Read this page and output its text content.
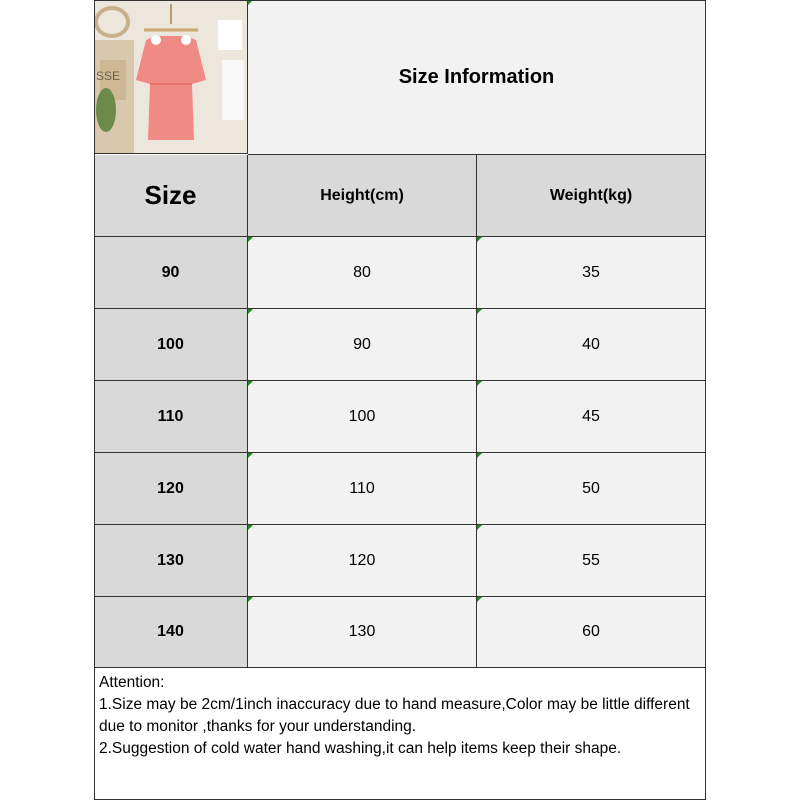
SSE	Size Information
Size	Height(cm)	Weight(kg)
90	80	35
100	90	40
110	100	45
120	110	50
130	120	55
140	130	60
Attention:
1.Size may be 2cm/1inch inaccuracy due to hand measure,Color may be little different due to monitor ,thanks for your understanding.
2.Suggestion of cold water hand washing,it can help items keep their shape.
